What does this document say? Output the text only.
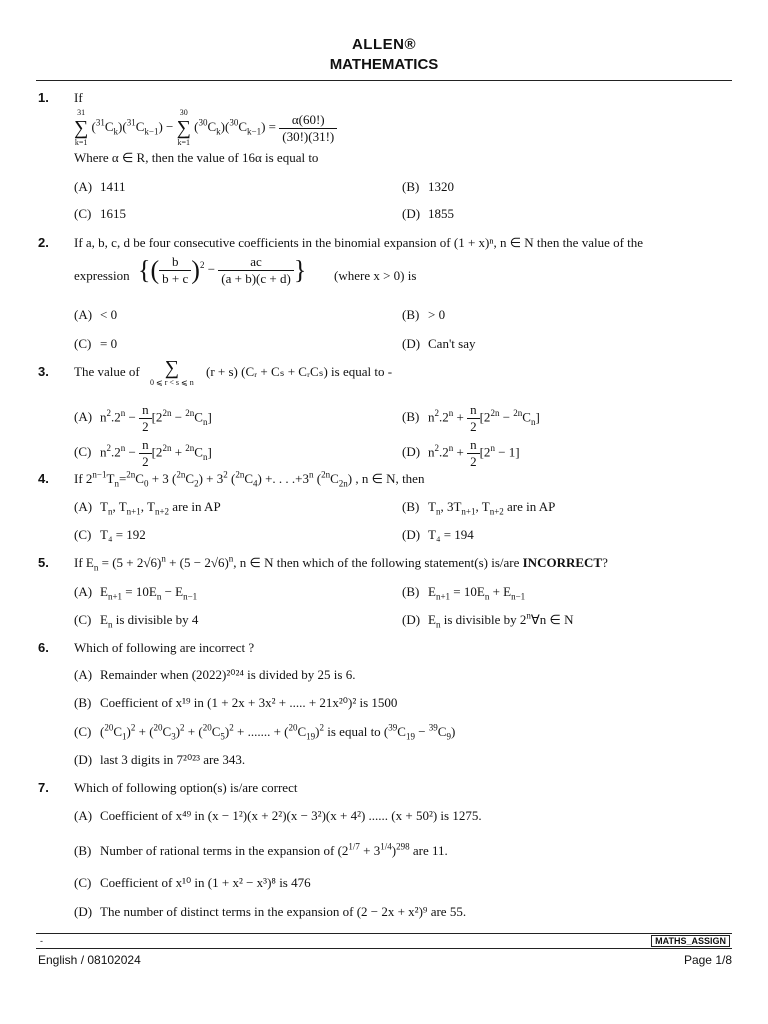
ALLEN®
MATHEMATICS
1. If
31
∑
k=1
$(^{31}C_k)(^{31}C_{k-1})$ −
30
∑
k=1
$(^{30}C_k)(^{30}C_{k-1}) = \frac{\alpha(60!)}{(30!)(31!)}$
Where α ∈ R, then the value of 16α is equal to
(A) 1411	(B) 1320
(C) 1615	(D) 1855
2. If a, b, c, d be four consecutive coefficients in the binomial expansion of (1 + x)ⁿ, n ∈ N then the value of the
expression {( $\frac{b}{b + c} )^2 - \frac{ac}{(a + b)(c + d)}$ } (where x > 0) is
(A) < 0	(B) > 0
(C) = 0	(D) Can't say
3. The value of	∑
0 ⩽ r < s ⩽ n
(r + s) (Cᵣ + Cₛ + CᵣCₛ) is equal to -
(A) $n^2.2^n - \frac{n}{2} [2^{2n} - ^{2n}C_n]$	(B) $n^2.2^n + \frac{n}{2} [2^{2n} - ^{2n}C_n]$
(C) $n^2.2^n - \frac{n}{2} [2^{2n} + ^{2n}C_n]$	(D) $n^2.2^n + \frac{n}{2} [2^n - 1]$
4. If $2^{n-1}T_n=^{2n}C_0 + 3$ $(^{2n}C_2) + 3^2$ $(^{2n}C_4)$ +. . . $.+3^n$ $(^{2n}C_{2n})$ , n ∈ N, then
(A) $T_n$, $T_{n+1}$, $T_{n+2}$ are in AP	(B) $T_n$, $3T_{n+1}$, $T_{n+2}$ are in AP
(C) T₄ = 192	(D) T₄ = 194
5. If $E_n = (5 + 2√6)^n + (5 - 2√6)^n$, n ∈ N then which of the following statement(s) is/are INCORRECT?
(A) $E_{n+1} = 10E_n - E_{n-1}$	(B) $E_{n+1} = 10E_n + E_{n-1}$
(C) $E_n$ is divisible by 4	(D) $E_n$ is divisible by 2$^n$∀n ∈ N
6. Which of following are incorrect ?
(A) Remainder when (2022)²⁰²⁴ is divided by 25 is 6.
(B) Coefficient of x¹⁹ in (1 + 2x + 3x² + ..... + 21x²⁰)² is 1500
(C) $(^{20}C_1)^2 + (^{20}C_3)^2 + (^{20}C_5)^2$ + ....... + $(^{20}C_{19})^2$ is equal to $(^{39}C_{19} - ^{39}C_9)$
(D) last 3 digits in 7²⁰²³ are 343.
7. Which of following option(s) is/are correct
(A) Coefficient of x⁴⁹ in (x − 1²)(x + 2²)(x − 3²)(x + 4²) ...... (x + 50²) is 1275.
(B) Number of rational terms in the expansion of $(2^{1/7} + 3^{1/4})^{298}$ are 11.
(C) Coefficient of x¹⁰ in (1 + x² − x³)⁸ is 476
(D) The number of distinct terms in the expansion of (2 − 2x + x²)⁹ are 55.
-	MATHS_ASSIGN
English / 08102024	Page 1/8
